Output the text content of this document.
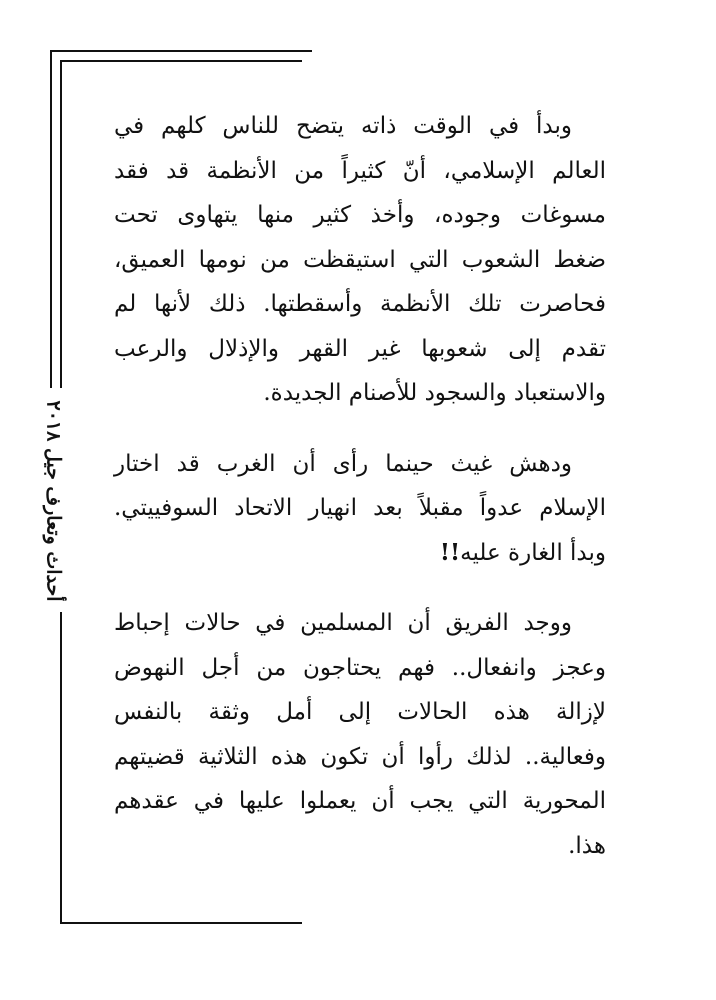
أحداث وتعارف جيل ٢٠١٨

وبدأ في الوقت ذاته يتضح للناس كلهم في
العالم الإسلامي، أنّ كثيراً من الأنظمة قد فقد
مسوغات وجوده، وأخذ كثير منها يتهاوى تحت
ضغط الشعوب التي استيقظت من نومها العميق،
فحاصرت تلك الأنظمة وأسقطتها. ذلك لأنها لم
تقدم إلى شعوبها غير القهر والإذلال والرعب
والاستعباد والسجود للأصنام الجديدة.

ودهش غيث حينما رأى أن الغرب قد اختار
الإسلام عدواً مقبلاً بعد انهيار الاتحاد السوفييتي.
وبدأ الغارة عليه!!

ووجد الفريق أن المسلمين في حالات إحباط
وعجز وانفعال.. فهم يحتاجون من أجل النهوض
لإزالة هذه الحالات إلى أمل وثقة بالنفس
وفعالية.. لذلك رأوا أن تكون هذه الثلاثية قضيتهم
المحورية التي يجب أن يعملوا عليها في عقدهم
هذا.
